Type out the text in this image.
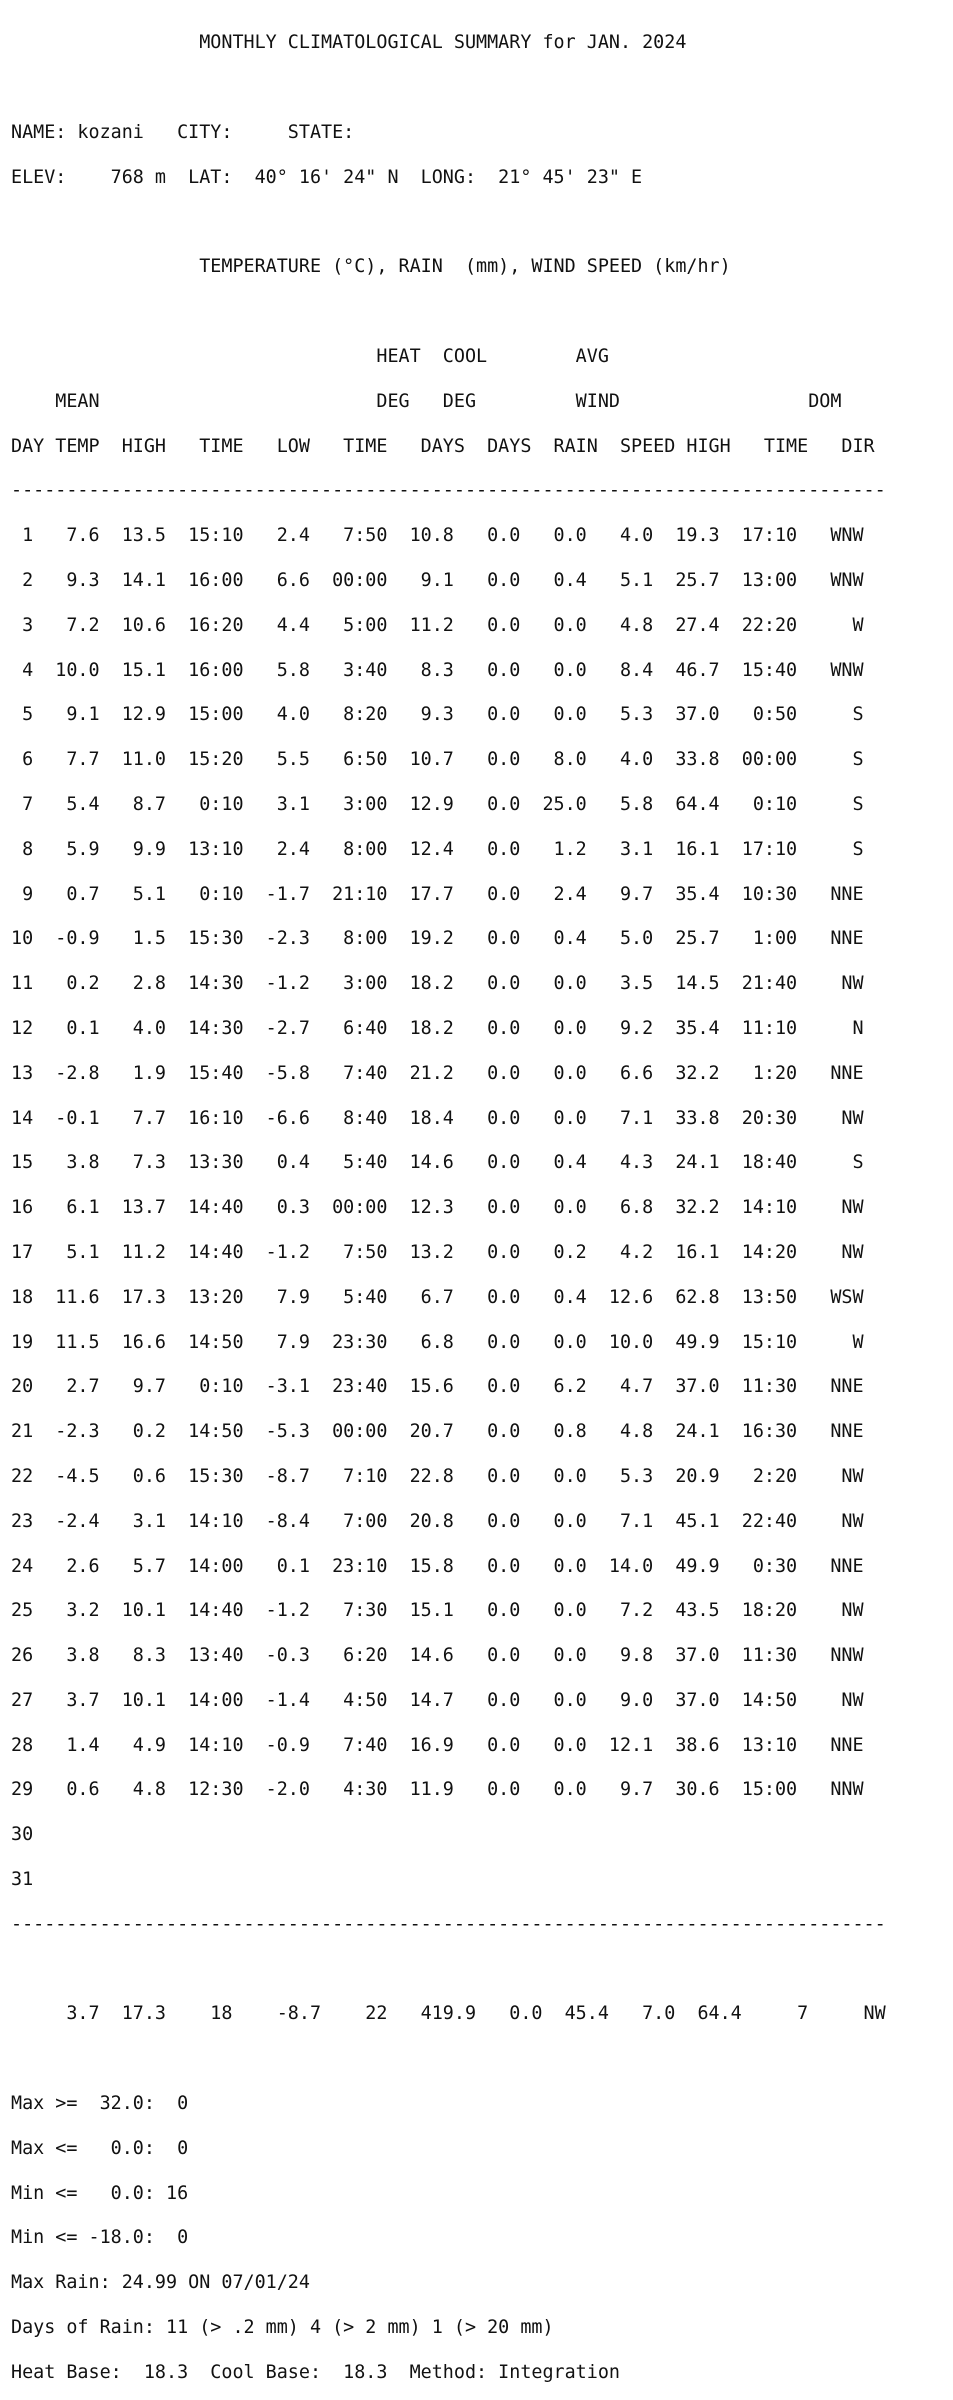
MONTHLY CLIMATOLOGICAL SUMMARY for JAN. 2024

NAME: kozani   CITY:     STATE:

ELEV:    768 m  LAT:  40° 16' 24" N  LONG:  21° 45' 23" E

TEMPERATURE (°C), RAIN  (mm), WIND SPEED (km/hr)

HEAT  COOL        AVG

MEAN                         DEG   DEG         WIND                 DOM

DAY TEMP  HIGH   TIME   LOW   TIME   DAYS  DAYS  RAIN  SPEED HIGH   TIME   DIR

-------------------------------------------------------------------------------

1   7.6  13.5  15:10   2.4   7:50  10.8   0.0   0.0   4.0  19.3  17:10   WNW

2   9.3  14.1  16:00   6.6  00:00   9.1   0.0   0.4   5.1  25.7  13:00   WNW

3   7.2  10.6  16:20   4.4   5:00  11.2   0.0   0.0   4.8  27.4  22:20     W

4  10.0  15.1  16:00   5.8   3:40   8.3   0.0   0.0   8.4  46.7  15:40   WNW

5   9.1  12.9  15:00   4.0   8:20   9.3   0.0   0.0   5.3  37.0   0:50     S

6   7.7  11.0  15:20   5.5   6:50  10.7   0.0   8.0   4.0  33.8  00:00     S

7   5.4   8.7   0:10   3.1   3:00  12.9   0.0  25.0   5.8  64.4   0:10     S

8   5.9   9.9  13:10   2.4   8:00  12.4   0.0   1.2   3.1  16.1  17:10     S

9   0.7   5.1   0:10  -1.7  21:10  17.7   0.0   2.4   9.7  35.4  10:30   NNE

10  -0.9   1.5  15:30  -2.3   8:00  19.2   0.0   0.4   5.0  25.7   1:00   NNE

11   0.2   2.8  14:30  -1.2   3:00  18.2   0.0   0.0   3.5  14.5  21:40    NW

12   0.1   4.0  14:30  -2.7   6:40  18.2   0.0   0.0   9.2  35.4  11:10     N

13  -2.8   1.9  15:40  -5.8   7:40  21.2   0.0   0.0   6.6  32.2   1:20   NNE

14  -0.1   7.7  16:10  -6.6   8:40  18.4   0.0   0.0   7.1  33.8  20:30    NW

15   3.8   7.3  13:30   0.4   5:40  14.6   0.0   0.4   4.3  24.1  18:40     S

16   6.1  13.7  14:40   0.3  00:00  12.3   0.0   0.0   6.8  32.2  14:10    NW

17   5.1  11.2  14:40  -1.2   7:50  13.2   0.0   0.2   4.2  16.1  14:20    NW

18  11.6  17.3  13:20   7.9   5:40   6.7   0.0   0.4  12.6  62.8  13:50   WSW

19  11.5  16.6  14:50   7.9  23:30   6.8   0.0   0.0  10.0  49.9  15:10     W

20   2.7   9.7   0:10  -3.1  23:40  15.6   0.0   6.2   4.7  37.0  11:30   NNE

21  -2.3   0.2  14:50  -5.3  00:00  20.7   0.0   0.8   4.8  24.1  16:30   NNE

22  -4.5   0.6  15:30  -8.7   7:10  22.8   0.0   0.0   5.3  20.9   2:20    NW

23  -2.4   3.1  14:10  -8.4   7:00  20.8   0.0   0.0   7.1  45.1  22:40    NW

24   2.6   5.7  14:00   0.1  23:10  15.8   0.0   0.0  14.0  49.9   0:30   NNE

25   3.2  10.1  14:40  -1.2   7:30  15.1   0.0   0.0   7.2  43.5  18:20    NW

26   3.8   8.3  13:40  -0.3   6:20  14.6   0.0   0.0   9.8  37.0  11:30   NNW

27   3.7  10.1  14:00  -1.4   4:50  14.7   0.0   0.0   9.0  37.0  14:50    NW

28   1.4   4.9  14:10  -0.9   7:40  16.9   0.0   0.0  12.1  38.6  13:10   NNE

29   0.6   4.8  12:30  -2.0   4:30  11.9   0.0   0.0   9.7  30.6  15:00   NNW

30

31

-------------------------------------------------------------------------------

3.7  17.3    18    -8.7    22   419.9   0.0  45.4   7.0  64.4     7     NW

Max >=  32.0:  0

Max <=   0.0:  0

Min <=   0.0: 16

Min <= -18.0:  0

Max Rain: 24.99 ON 07/01/24

Days of Rain: 11 (> .2 mm) 4 (> 2 mm) 1 (> 20 mm)

Heat Base:  18.3  Cool Base:  18.3  Method: Integration
